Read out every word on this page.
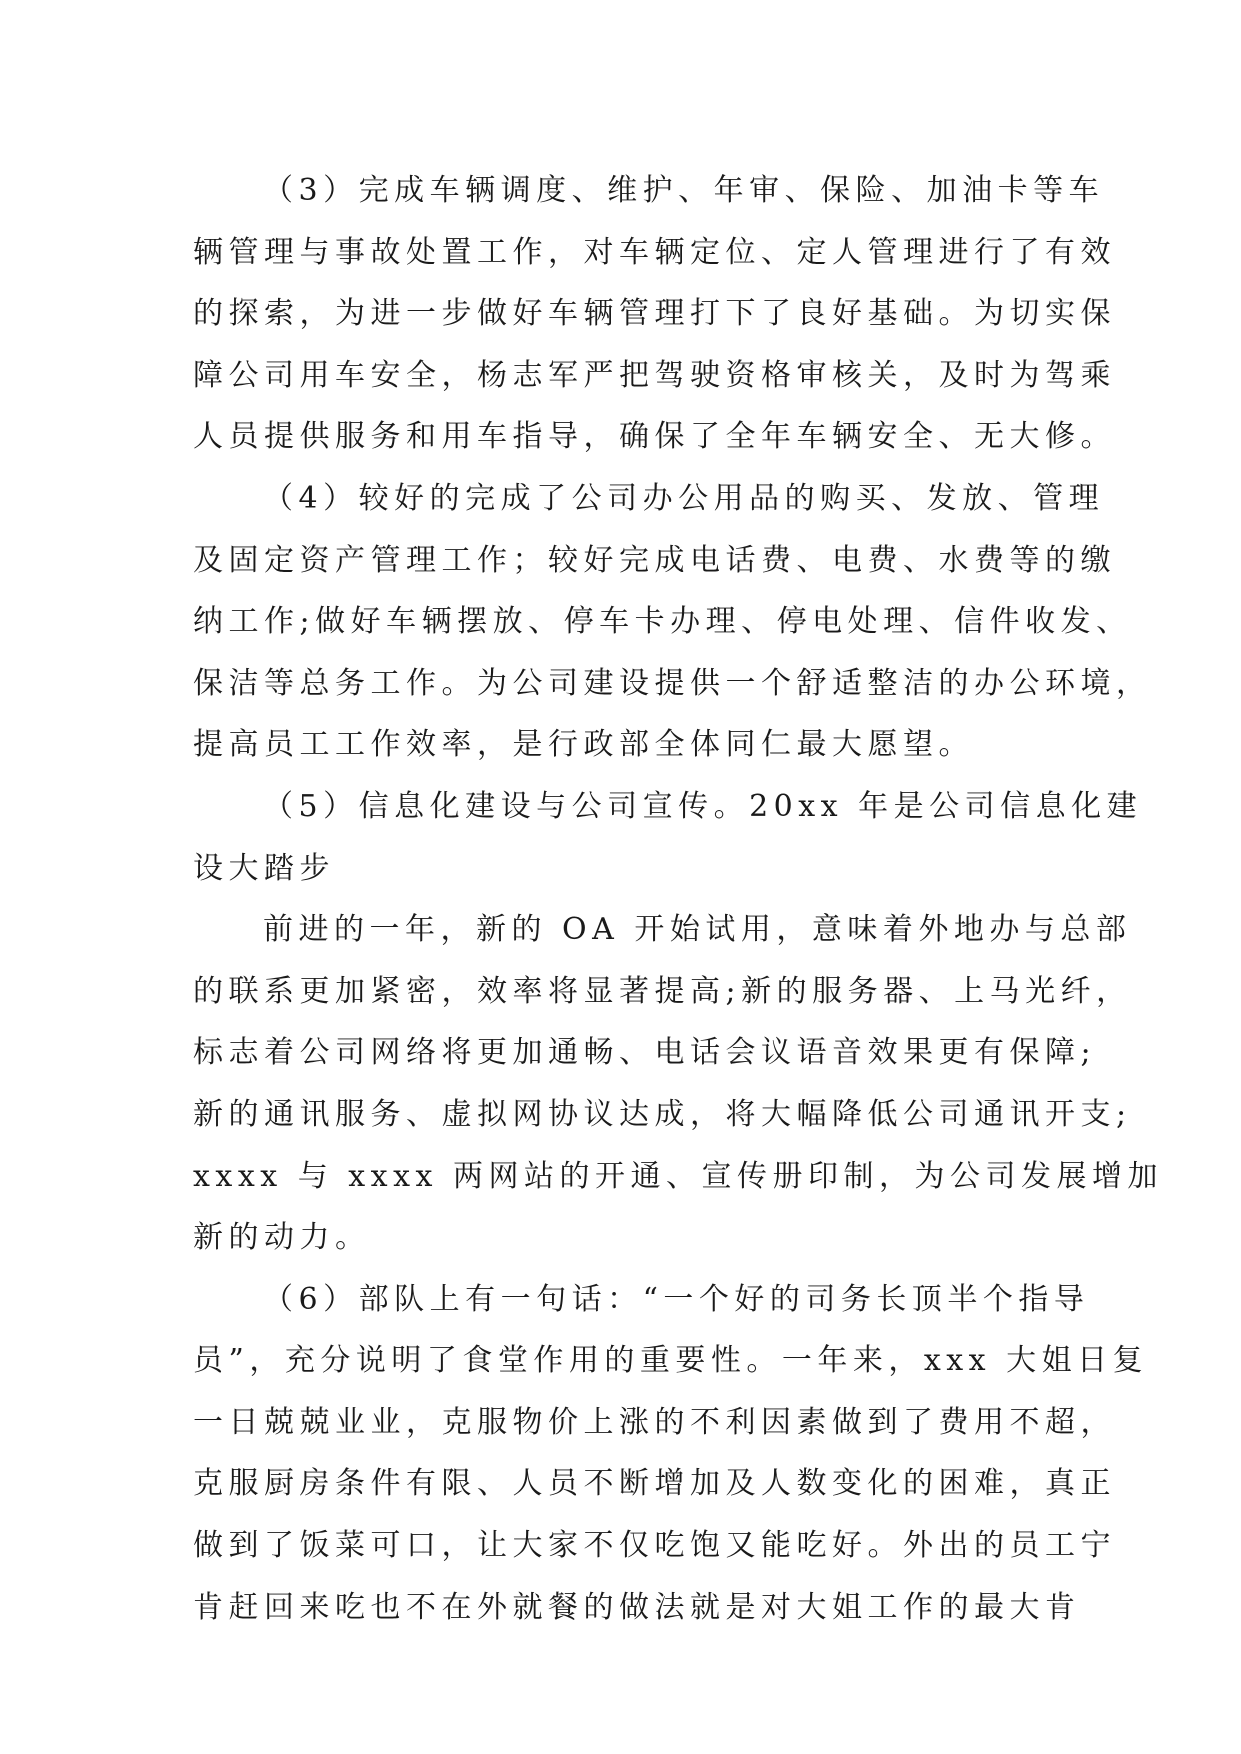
（3）完成车辆调度、维护、年审、保险、加油卡等车
辆管理与事故处置工作，对车辆定位、定人管理进行了有效
的探索，为进一步做好车辆管理打下了良好基础。为切实保
障公司用车安全，杨志军严把驾驶资格审核关，及时为驾乘
人员提供服务和用车指导，确保了全年车辆安全、无大修。
（4）较好的完成了公司办公用品的购买、发放、管理
及固定资产管理工作；较好完成电话费、电费、水费等的缴
纳工作;做好车辆摆放、停车卡办理、停电处理、信件收发、
保洁等总务工作。为公司建设提供一个舒适整洁的办公环境，
提高员工工作效率，是行政部全体同仁最大愿望。
（5）信息化建设与公司宣传。20xx 年是公司信息化建
设大踏步
前进的一年，新的 OA 开始试用，意味着外地办与总部
的联系更加紧密，效率将显著提高;新的服务器、上马光纤，
标志着公司网络将更加通畅、电话会议语音效果更有保障;
新的通讯服务、虚拟网协议达成，将大幅降低公司通讯开支;
xxxx 与 xxxx 两网站的开通、宣传册印制，为公司发展增加
新的动力。
（6）部队上有一句话：“一个好的司务长顶半个指导
员”，充分说明了食堂作用的重要性。一年来，xxx 大姐日复
一日兢兢业业，克服物价上涨的不利因素做到了费用不超，
克服厨房条件有限、人员不断增加及人数变化的困难，真正
做到了饭菜可口，让大家不仅吃饱又能吃好。外出的员工宁
肯赶回来吃也不在外就餐的做法就是对大姐工作的最大肯
